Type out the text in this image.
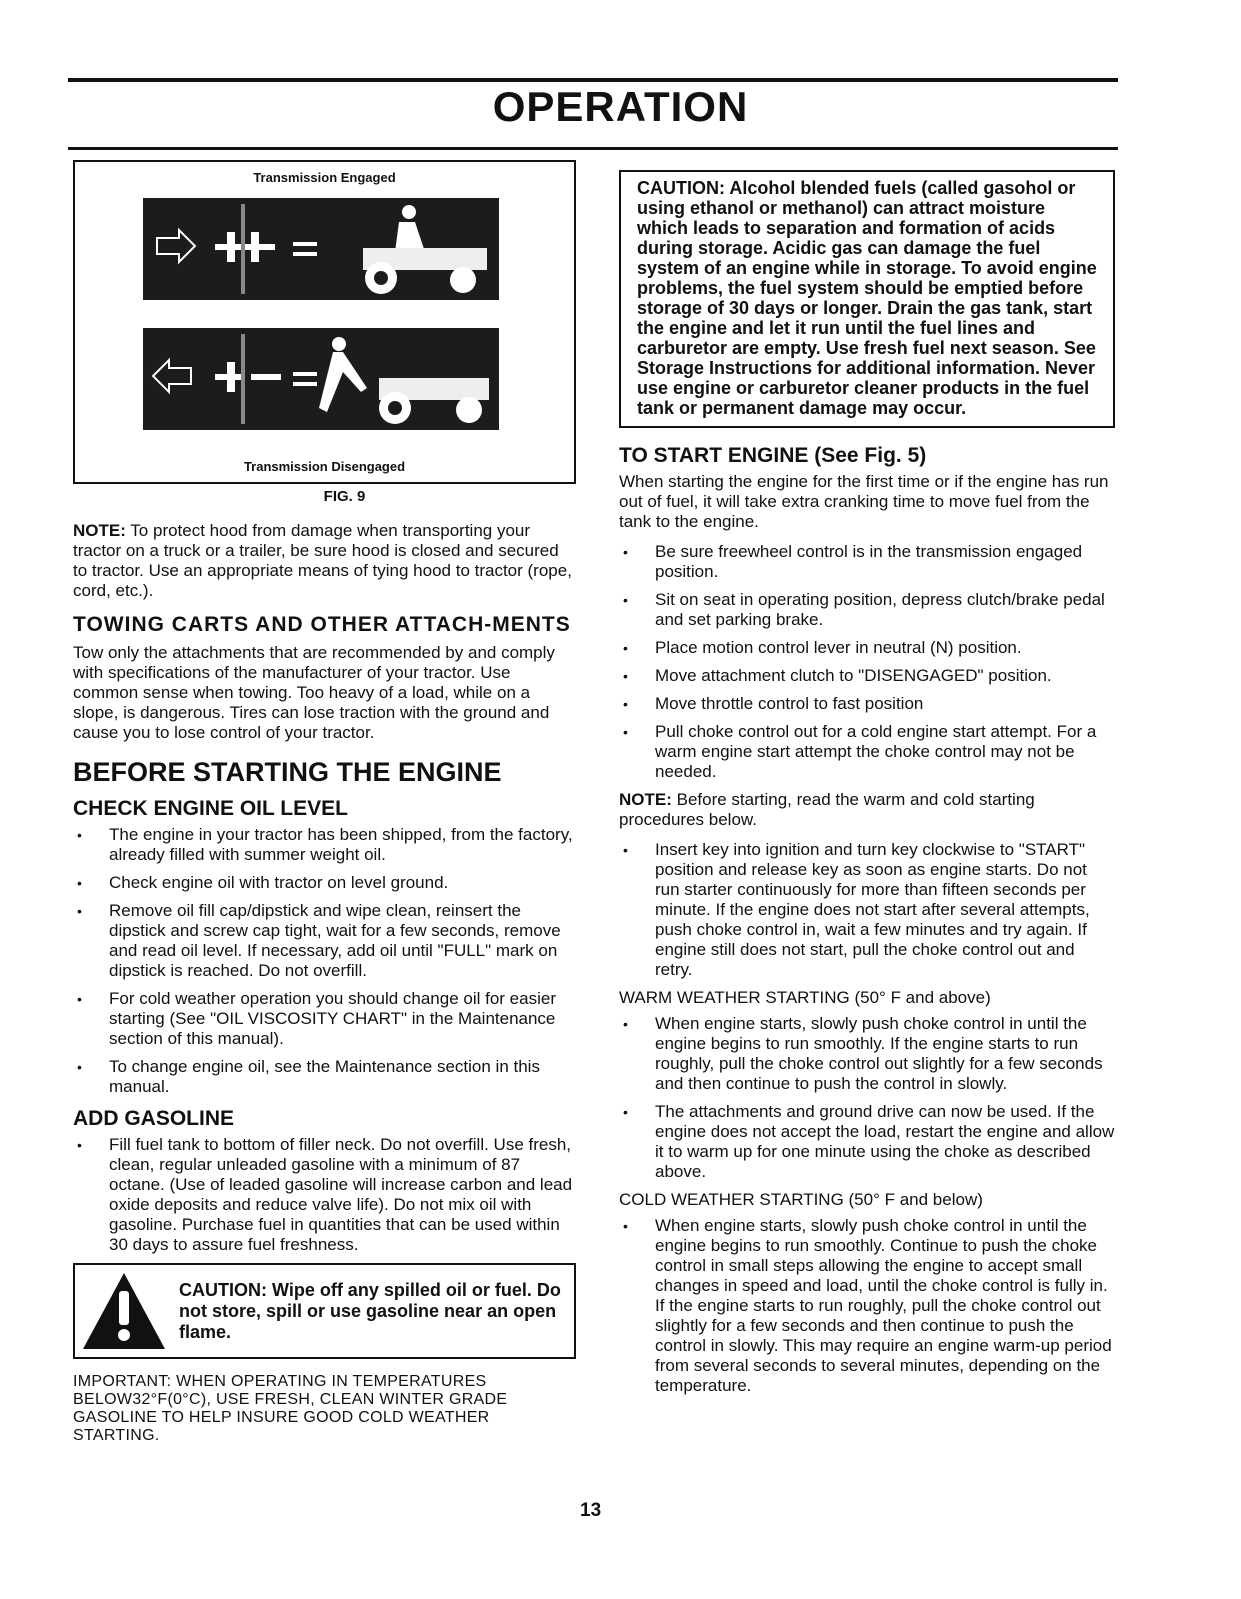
OPERATION
Transmission Engaged
Transmission Disengaged
FIG. 9

NOTE: To protect hood from damage when transporting your tractor on a truck or a trailer, be sure hood is closed and secured to tractor. Use an appropriate means of tying hood to tractor (rope, cord, etc.).

TOWING CARTS AND OTHER ATTACH-MENTS

Tow only the attachments that are recommended by and comply with specifications of the manufacturer of your tractor. Use common sense when towing. Too heavy of a load, while on a slope, is dangerous. Tires can lose traction with the ground and cause you to lose control of your tractor.

BEFORE STARTING THE ENGINE
CHECK ENGINE OIL LEVEL
• The engine in your tractor has been shipped, from the factory, already filled with summer weight oil.
• Check engine oil with tractor on level ground.
• Remove oil fill cap/dipstick and wipe clean, reinsert the dipstick and screw cap tight, wait for a few seconds, remove and read oil level. If necessary, add oil until "FULL" mark on dipstick is reached. Do not overfill.
• For cold weather operation you should change oil for easier starting (See "OIL VISCOSITY CHART" in the Maintenance section of this manual).
• To change engine oil, see the Maintenance section in this manual.
ADD GASOLINE
• Fill fuel tank to bottom of filler neck. Do not overfill. Use fresh, clean, regular unleaded gasoline with a minimum of 87 octane. (Use of leaded gasoline will increase carbon and lead oxide deposits and reduce valve life). Do not mix oil with gasoline. Purchase fuel in quantities that can be used within 30 days to assure fuel freshness.
CAUTION: Wipe off any spilled oil or fuel. Do not store, spill or use gasoline near an open flame.

IMPORTANT: WHEN OPERATING IN TEMPERATURES BELOW32°F(0°C), USE FRESH, CLEAN WINTER GRADE GASOLINE TO HELP INSURE GOOD COLD WEATHER STARTING.

CAUTION: Alcohol blended fuels (called gasohol or using ethanol or methanol) can attract moisture which leads to separation and formation of acids during storage. Acidic gas can damage the fuel system of an engine while in storage. To avoid engine problems, the fuel system should be emptied before storage of 30 days or longer. Drain the gas tank, start the engine and let it run until the fuel lines and carburetor are empty. Use fresh fuel next season. See Storage Instructions for additional information. Never use engine or carburetor cleaner products in the fuel tank or permanent damage may occur.

TO START ENGINE (See Fig. 5)

When starting the engine for the first time or if the engine has run out of fuel, it will take extra cranking time to move fuel from the tank to the engine.

• Be sure freewheel control is in the transmission engaged position.
• Sit on seat in operating position, depress clutch/brake pedal and set parking brake.
• Place motion control lever in neutral (N) position.
• Move attachment clutch to "DISENGAGED" position.
• Move throttle control to fast position
• Pull choke control out for a cold engine start attempt. For a warm engine start attempt the choke control may not be needed.

NOTE: Before starting, read the warm and cold starting procedures below.

• Insert key into ignition and turn key clockwise to "START" position and release key as soon as engine starts. Do not run starter continuously for more than fifteen seconds per minute. If the engine does not start after several attempts, push choke control in, wait a few minutes and try again. If engine still does not start, pull the choke control out and retry.
WARM WEATHER STARTING (50° F and above)
• When engine starts, slowly push choke control in until the engine begins to run smoothly. If the engine starts to run roughly, pull the choke control out slightly for a few seconds and then continue to push the control in slowly.
• The attachments and ground drive can now be used. If the engine does not accept the load, restart the engine and allow it to warm up for one minute using the choke as described above.
COLD WEATHER STARTING (50° F and below)
• When engine starts, slowly push choke control in until the engine begins to run smoothly. Continue to push the choke control in small steps allowing the engine to accept small changes in speed and load, until the choke control is fully in. If the engine starts to run roughly, pull the choke control out slightly for a few seconds and then continue to push the control in slowly. This may require an engine warm-up period from several seconds to several minutes, depending on the temperature.
13
